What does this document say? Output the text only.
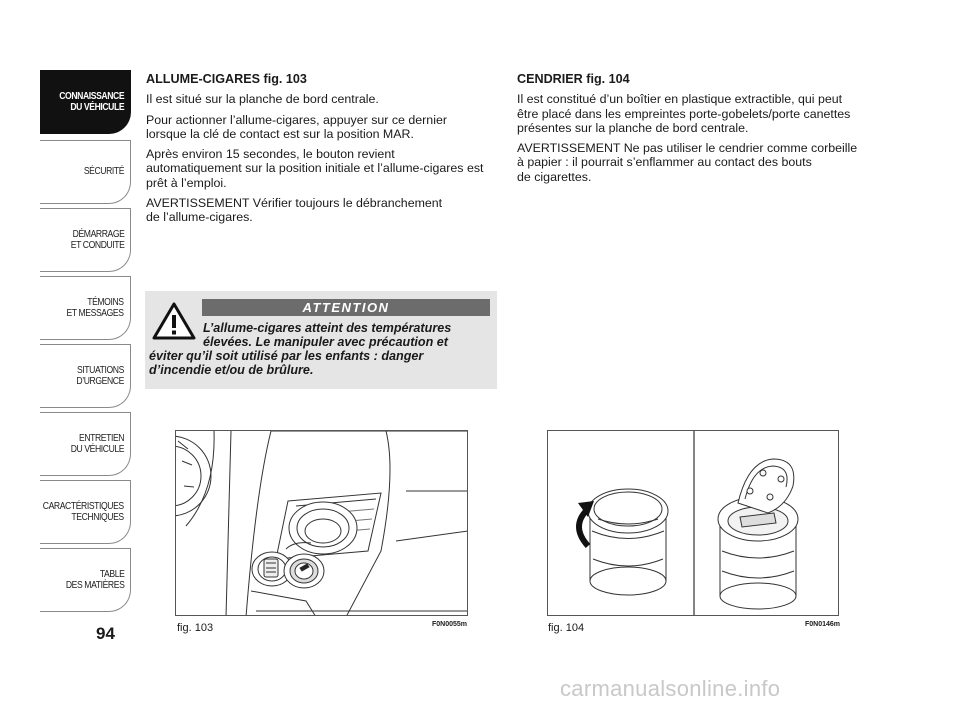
CONNAISSANCE
DU VÉHICULE
SÉCURITÉ
DÉMARRAGE
ET CONDUITE
TÉMOINS
ET MESSAGES
SITUATIONS
D’URGENCE
ENTRETIEN
DU VÉHICULE
CARACTÉRISTIQUES
TECHNIQUES
TABLE
DES MATIÈRES
94
ALLUME-CIGARES fig. 103

Il est situé sur la planche de bord centrale.

Pour actionner l’allume-cigares, appuyer sur ce dernier
lorsque la clé de contact est sur la position MAR.

Après environ 15 secondes, le bouton revient
automatiquement sur la position initiale et l’allume-cigares est
prêt à l’emploi.

AVERTISSEMENT Vérifier toujours le débranchement
de l’allume-cigares.

CENDRIER fig. 104

Il est constitué d’un boîtier en plastique extractible, qui peut
être placé dans les empreintes porte-gobelets/porte canettes
présentes sur la planche de bord centrale.

AVERTISSEMENT Ne pas utiliser le cendrier comme corbeille
à papier : il pourrait s’enflammer au contact des bouts
de cigarettes.

ATTENTION
L’allume-cigares atteint des températures
élevées. Le manipuler avec précaution et
éviter qu’il soit utilisé par les enfants : danger
d’incendie et/ou de brûlure.
fig. 103	F0N0055m	fig. 104	F0N0146m
carmanualsonline.info
